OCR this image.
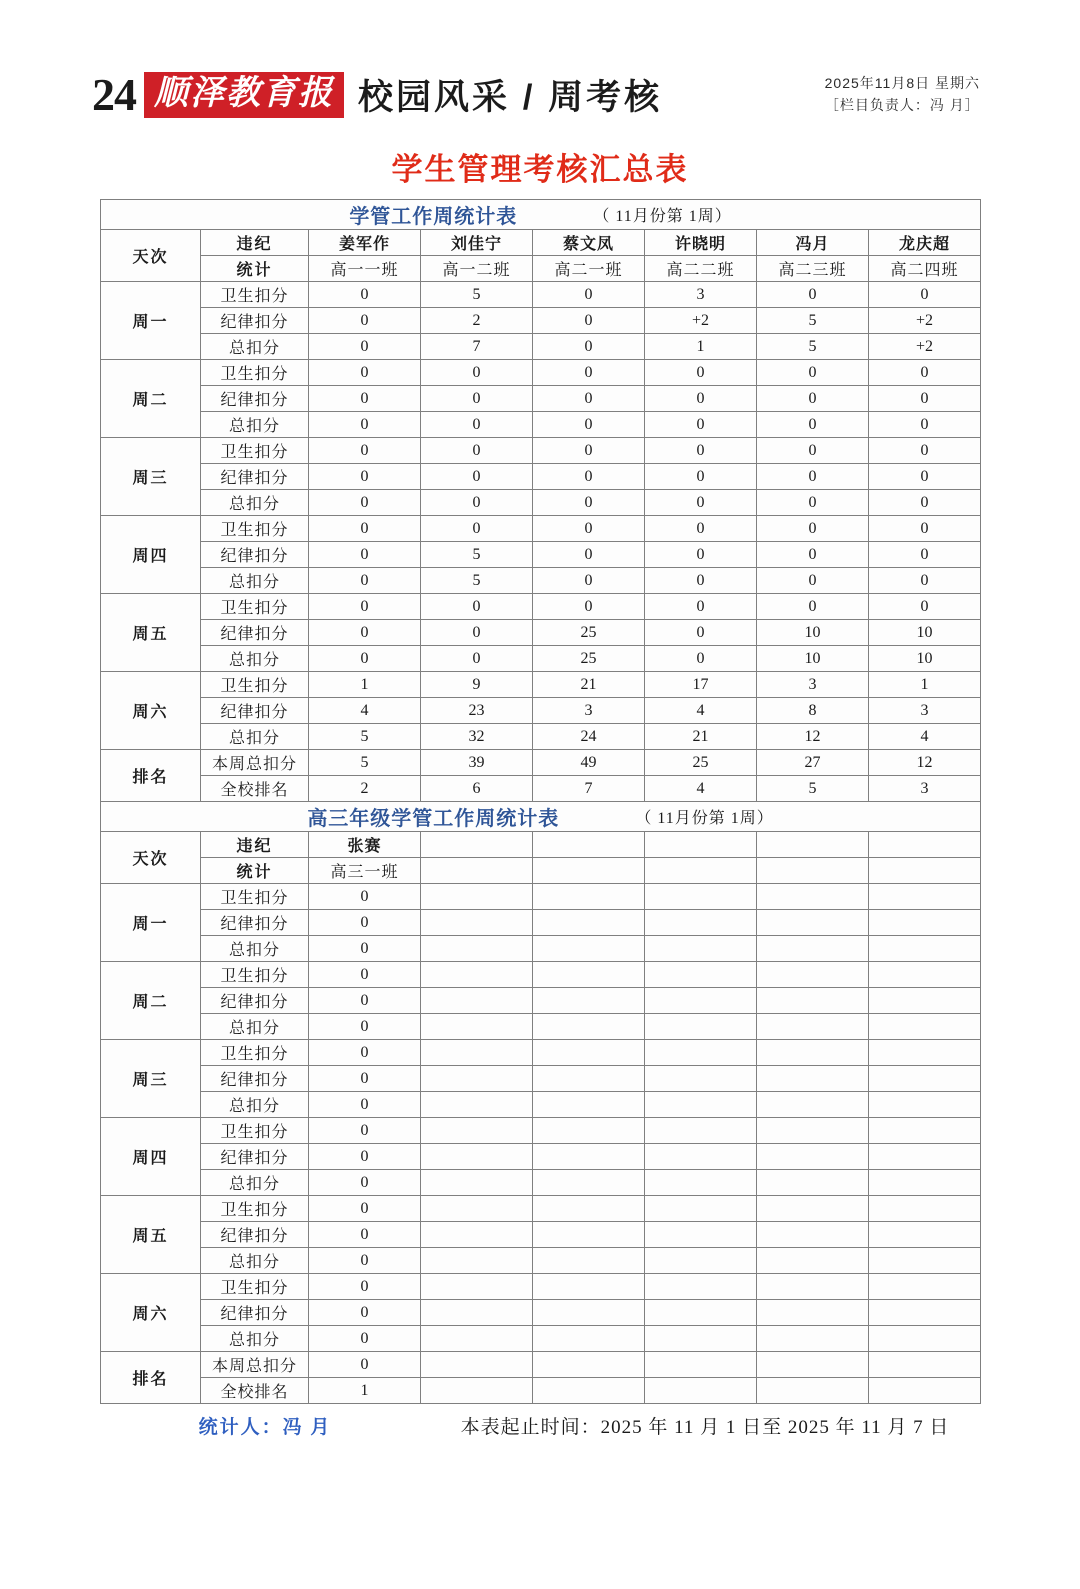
24 顺泽教育报 校园风采 / 周考核	2025年11月8日 星期六
［栏目负责人：冯 月］
学生管理考核汇总表
学管工作周统计表 （ 11月份第 1周）							

天次	违纪	姜军作	刘佳宁	蔡文凤	许晓明	冯月	龙庆超
	统计	高一一班	高一二班	高二一班	高二二班	高二三班	高二四班
周一	卫生扣分	0	5	0	3	0	0
	纪律扣分	0	2	0	+2	5	+2
	总扣分	0	7	0	1	5	+2
周二	卫生扣分	0	0	0	0	0	0
	纪律扣分	0	0	0	0	0	0
	总扣分	0	0	0	0	0	0
周三	卫生扣分	0	0	0	0	0	0
	纪律扣分	0	0	0	0	0	0
	总扣分	0	0	0	0	0	0
周四	卫生扣分	0	0	0	0	0	0
	纪律扣分	0	5	0	0	0	0
	总扣分	0	5	0	0	0	0
周五	卫生扣分	0	0	0	0	0	0
	纪律扣分	0	0	25	0	10	10
	总扣分	0	0	25	0	10	10
周六	卫生扣分	1	9	21	17	3	1
	纪律扣分	4	23	3	4	8	3
	总扣分	5	32	24	21	12	4
排名	本周总扣分	5	39	49	25	27	12
	全校排名	2	6	7	4	5	3

高三年级学管工作周统计表 （ 11月份第 1周）							

天次	违纪	张赛					
	统计	高三一班					
周一	卫生扣分	0					
	纪律扣分	0					
	总扣分	0					
周二	卫生扣分	0					
	纪律扣分	0					
	总扣分	0					
周三	卫生扣分	0					
	纪律扣分	0					
	总扣分	0					
周四	卫生扣分	0					
	纪律扣分	0					
	总扣分	0					
周五	卫生扣分	0					
	纪律扣分	0					
	总扣分	0					
周六	卫生扣分	0					
	纪律扣分	0					
	总扣分	0					
排名	本周总扣分	0					
	全校排名	1					
统计人：冯 月	本表起止时间：2025 年 11 月 1 日至 2025 年 11 月 7 日
